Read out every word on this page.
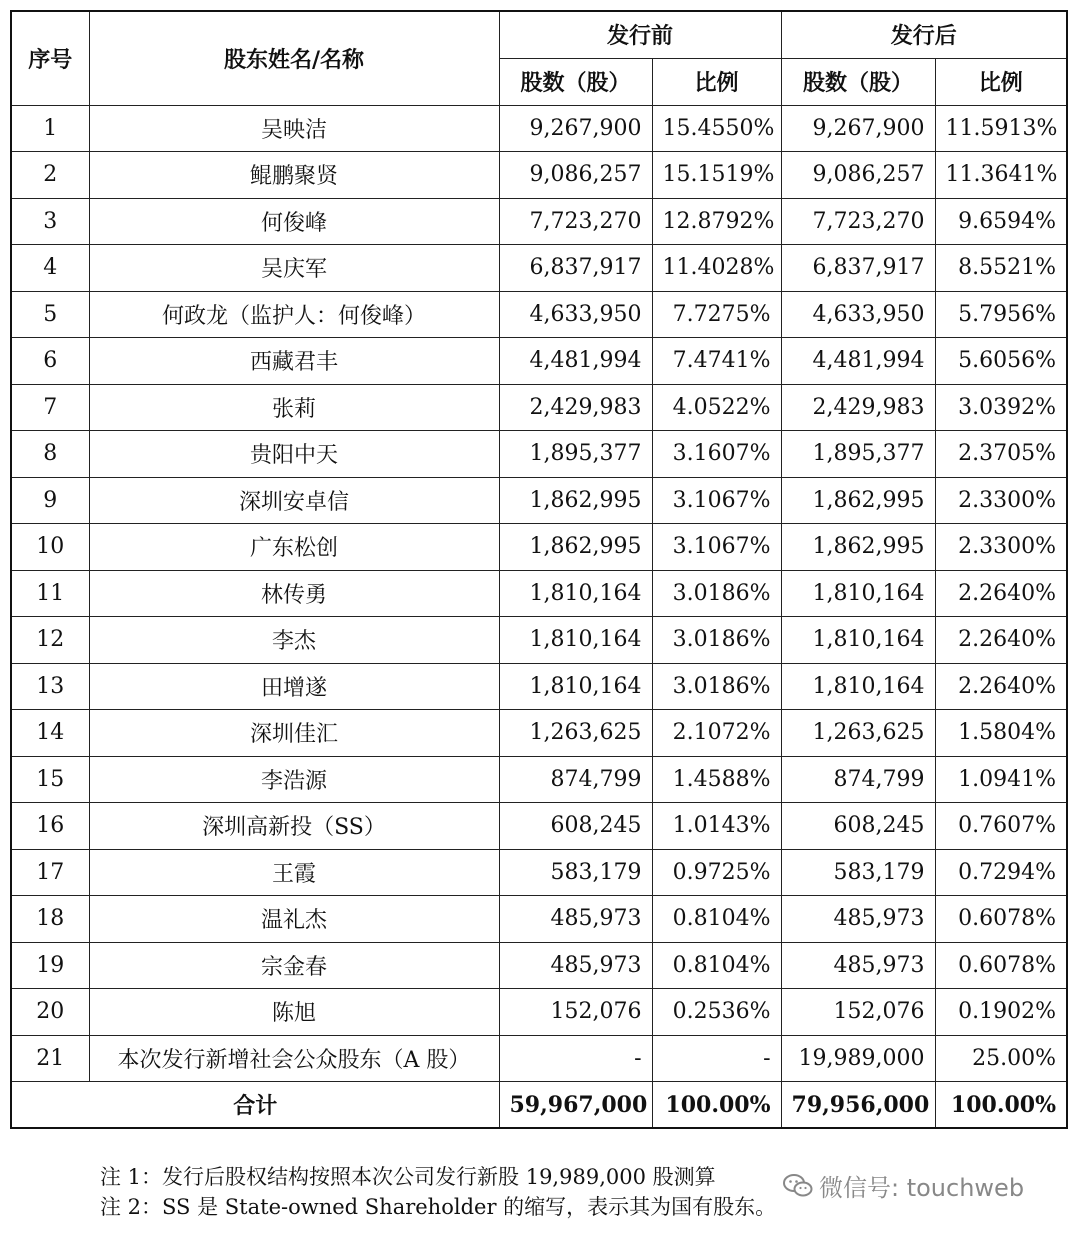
序号	股东姓名/名称	发行前		发行后	
		股数（股）	比例	股数（股）	比例
1	吴映洁	9,267,900	15.4550%	9,267,900	11.5913%
2	鲲鹏聚贤	9,086,257	15.1519%	9,086,257	11.3641%
3	何俊峰	7,723,270	12.8792%	7,723,270	9.6594%
4	吴庆军	6,837,917	11.4028%	6,837,917	8.5521%
5	何政龙（监护人：何俊峰）	4,633,950	7.7275%	4,633,950	5.7956%
6	西藏君丰	4,481,994	7.4741%	4,481,994	5.6056%
7	张莉	2,429,983	4.0522%	2,429,983	3.0392%
8	贵阳中天	1,895,377	3.1607%	1,895,377	2.3705%
9	深圳安卓信	1,862,995	3.1067%	1,862,995	2.3300%
10	广东松创	1,862,995	3.1067%	1,862,995	2.3300%
11	林传勇	1,810,164	3.0186%	1,810,164	2.2640%
12	李杰	1,810,164	3.0186%	1,810,164	2.2640%
13	田增遂	1,810,164	3.0186%	1,810,164	2.2640%
14	深圳佳汇	1,263,625	2.1072%	1,263,625	1.5804%
15	李浩源	874,799	1.4588%	874,799	1.0941%
16	深圳高新投（SS）	608,245	1.0143%	608,245	0.7607%
17	王霞	583,179	0.9725%	583,179	0.7294%
18	温礼杰	485,973	0.8104%	485,973	0.6078%
19	宗金春	485,973	0.8104%	485,973	0.6078%
20	陈旭	152,076	0.2536%	152,076	0.1902%
21	本次发行新增社会公众股东（A 股）	-	-	19,989,000	25.00%
合计		59,967,000	100.00%	79,956,000	100.00%
注 1：发行后股权结构按照本次公司发行新股 19,989,000 股测算
注 2：SS 是 State-owned Shareholder 的缩写，表示其为国有股东。
微信号: touchweb
